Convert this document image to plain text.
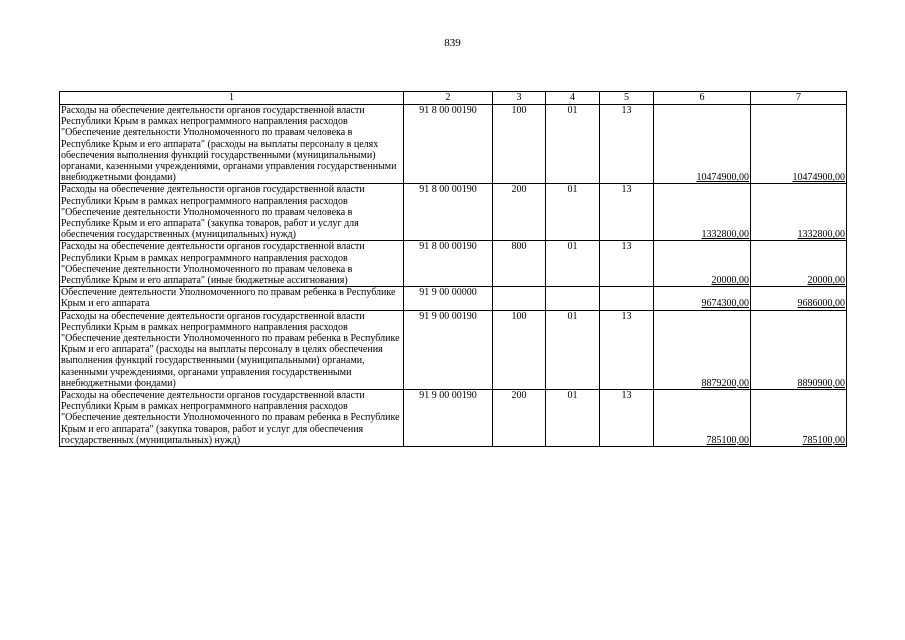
839
1	2	3	4	5	6	7
Расходы на обеспечение деятельности органов государственной власти Республики Крым в рамках непрограммного направления расходов "Обеспечение деятельности Уполномоченного по правам человека в Республике Крым и его аппарата" (расходы на выплаты персоналу в целях обеспечения выполнения функций государственными (муниципальными) органами, казенными учреждениями, органами управления государственными внебюджетными фондами)	91 8 00 00190	100	01	13	10474900,00	10474900,00
Расходы на обеспечение деятельности органов государственной власти Республики Крым в рамках непрограммного направления расходов "Обеспечение деятельности Уполномоченного по правам человека в Республике Крым и его аппарата" (закупка товаров, работ и услуг для обеспечения государственных (муниципальных) нужд)	91 8 00 00190	200	01	13	1332800,00	1332800,00
Расходы на обеспечение деятельности органов государственной власти Республики Крым в рамках непрограммного направления расходов "Обеспечение деятельности Уполномоченного по правам человека в Республике Крым и его аппарата" (иные бюджетные ассигнования)	91 8 00 00190	800	01	13	20000,00	20000,00
Обеспечение деятельности Уполномоченного по правам ребенка в Республике Крым и его аппарата	91 9 00 00000				9674300,00	9686000,00
Расходы на обеспечение деятельности органов государственной власти Республики Крым в рамках непрограммного направления расходов "Обеспечение деятельности Уполномоченного по правам ребенка в Республике Крым и его аппарата" (расходы на выплаты персоналу в целях обеспечения выполнения функций государственными (муниципальными) органами, казенными учреждениями, органами управления государственными внебюджетными фондами)	91 9 00 00190	100	01	13	8879200,00	8890900,00
Расходы на обеспечение деятельности органов государственной власти Республики Крым в рамках непрограммного направления расходов "Обеспечение деятельности Уполномоченного по правам ребенка в Республике Крым и его аппарата" (закупка товаров, работ и услуг для обеспечения государственных (муниципальных) нужд)	91 9 00 00190	200	01	13	785100,00	785100,00
